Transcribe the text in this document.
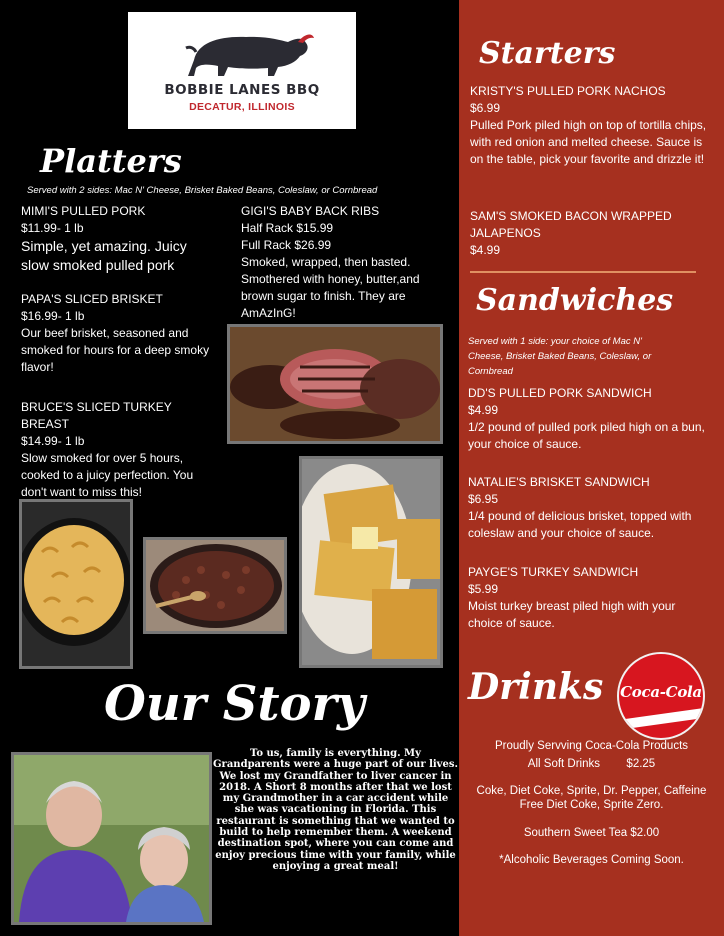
BOBBIE LANES BBQ
DECATUR, ILLINOIS
Platters
Served with 2 sides: Mac N' Cheese, Brisket Baked Beans, Coleslaw, or Cornbread
MIMI'S PULLED PORK
$11.99- 1 lb
Simple, yet amazing. Juicy slow smoked pulled pork
PAPA'S SLICED BRISKET
$16.99- 1 lb
Our beef brisket, seasoned and smoked for hours for a deep smoky flavor!
BRUCE'S SLICED TURKEY BREAST
$14.99- 1 lb
Slow smoked for over 5 hours, cooked to a juicy perfection. You don't want to miss this!
GIGI'S BABY BACK RIBS
Half Rack $15.99
Full Rack $26.99
Smoked, wrapped, then basted. Smothered with honey, butter,and brown sugar to finish. They are AmAzInG!
Our Story
To us, family is everything. My Grandparents were a huge part of our lives. We lost my Grandfather to liver cancer in 2018. A Short 8 months after that we lost my Grandmother in a car accident while she was vacationing in Florida. This restaurant is something that we wanted to build to help remember them. A weekend destination spot, where you can come and enjoy precious time with your family, while enjoying a great meal!
Starters
KRISTY'S PULLED PORK NACHOS
$6.99
Pulled Pork piled high on top of tortilla chips, with red onion and melted cheese. Sauce is on the table, pick your favorite and drizzle it!
SAM'S SMOKED BACON WRAPPED JALAPENOS
$4.99
Sandwiches
Served with 1 side: your choice of Mac N' Cheese, Brisket Baked Beans, Coleslaw, or Cornbread
DD'S PULLED PORK SANDWICH
$4.99
1/2 pound of pulled pork piled high on a bun, your choice of sauce.
NATALIE'S BRISKET SANDWICH
$6.95
1/4 pound of delicious brisket, topped with coleslaw and your choice of sauce.
PAYGE'S TURKEY SANDWICH
$5.99
Moist turkey breast piled high with your choice of sauce.
Drinks Coca-Cola
Proudly Servving Coca-Cola Products
All Soft Drinks $2.25
Coke, Diet Coke, Sprite, Dr. Pepper, Caffeine Free Diet Coke, Sprite Zero.
Southern Sweet Tea $2.00
*Alcoholic Beverages Coming Soon.
